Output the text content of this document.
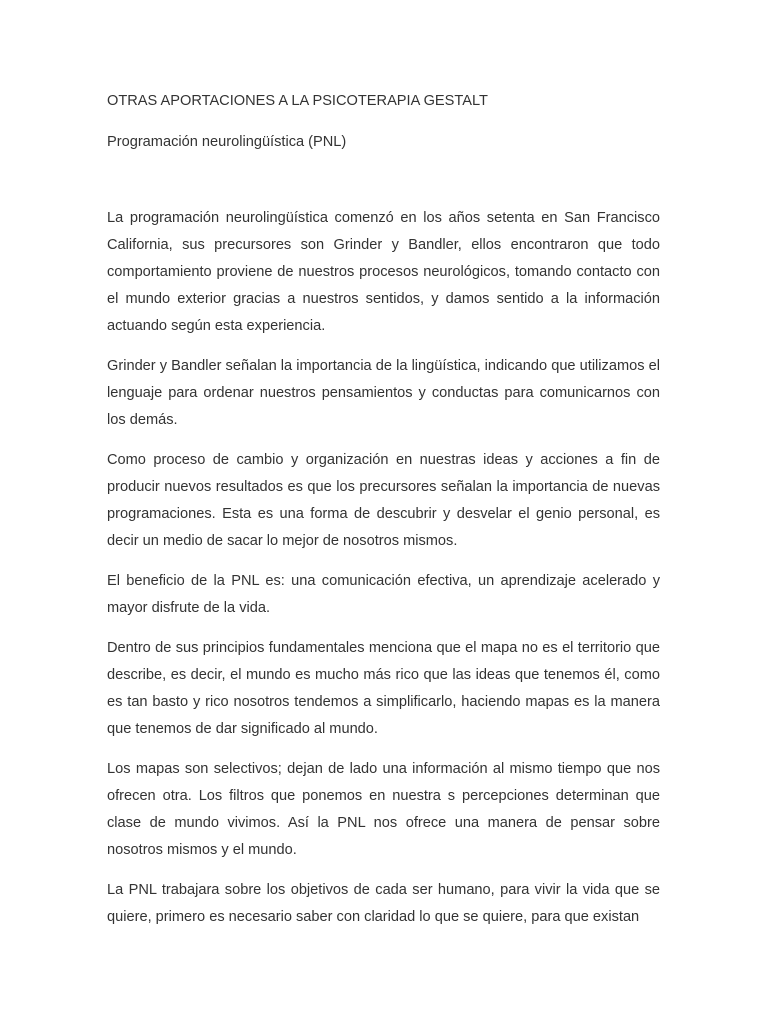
OTRAS APORTACIONES A LA PSICOTERAPIA GESTALT
Programación neurolingüística (PNL)

La programación neurolingüística comenzó en los años setenta en San Francisco California, sus precursores son Grinder y Bandler, ellos encontraron que todo comportamiento proviene de nuestros procesos neurológicos, tomando contacto con el mundo exterior gracias a nuestros sentidos, y damos sentido a la información actuando según esta experiencia.

Grinder y Bandler señalan la importancia de la lingüística, indicando que utilizamos el lenguaje para ordenar nuestros pensamientos y conductas para comunicarnos con los demás.

Como proceso de cambio y organización en nuestras ideas y acciones a fin de producir nuevos resultados es que los precursores señalan la importancia de nuevas programaciones. Esta es una forma de descubrir y desvelar el genio personal, es decir un medio de sacar lo mejor de nosotros mismos.

El beneficio de la PNL es: una comunicación efectiva, un aprendizaje acelerado y mayor disfrute de la vida.

Dentro de sus principios fundamentales menciona que el mapa no es el territorio que describe, es decir, el mundo es mucho más rico que las ideas que tenemos él, como es tan basto y rico nosotros tendemos a simplificarlo, haciendo mapas es la manera que tenemos de dar significado al mundo.

Los mapas son selectivos; dejan de lado una información al mismo tiempo que nos ofrecen otra. Los filtros que ponemos en nuestra s percepciones determinan que clase de mundo vivimos. Así la PNL nos ofrece una manera de pensar sobre nosotros mismos y el mundo.

La PNL trabajara sobre los objetivos de cada ser humano, para vivir la vida que se quiere, primero es necesario saber con claridad lo que se quiere, para que existan
